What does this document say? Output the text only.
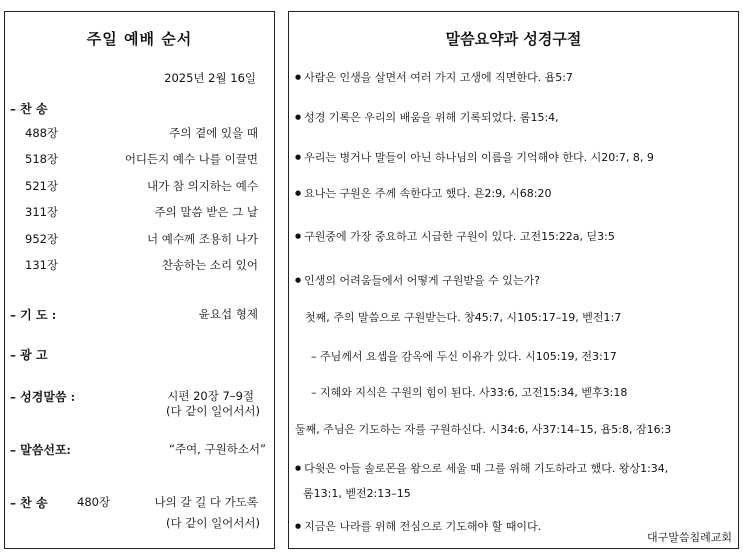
주일 예배 순서
2025년 2월 16일
– 찬 송
488장	주의 곁에 있을 때
518장	어디든지 예수 나를 이끌면
521장	내가 참 의지하는 예수
311장	주의 말씀 받은 그 날
952장	너 예수께 조용히 나가
131장	찬송하는 소리 있어
– 기 도 :	윤요섭 형제
– 광 고
– 성경말씀 :	시편 20장 7–9절
(다 같이 일어서서)
– 말씀선포:	“주여, 구원하소서”
– 찬 송	480장	나의 갈 길 다 가도록
(다 같이 일어서서)
말씀요약과 성경구절
● 사람은 인생을 살면서 여러 가지 고생에 직면한다. 욥5:7
● 성경 기록은 우리의 배움을 위해 기록되었다. 롬15:4,
● 우리는 병거나 말들이 아닌 하나님의 이름을 기억해야 한다. 시20:7, 8, 9
● 요나는 구원은 주께 속한다고 했다. 욘2:9, 시68:20
● 구원중에 가장 중요하고 시급한 구원이 있다. 고전15:22a, 딛3:5
● 인생의 어려움들에서 어떻게 구원받을 수 있는가?
첫째, 주의 말씀으로 구원받는다. 창45:7, 시105:17–19, 벧전1:7
– 주님께서 요셉을 감옥에 두신 이유가 있다. 시105:19, 전3:17
– 지혜와 지식은 구원의 힘이 된다. 사33:6, 고전15:34, 벧후3:18
둘째, 주님은 기도하는 자를 구원하신다. 시34:6, 사37:14–15, 욥5:8, 잠16:3
● 다윗은 아들 솔로몬을 왕으로 세울 때 그를 위해 기도하라고 했다. 왕상1:34,
롬13:1, 벧전2:13–15
● 지금은 나라를 위해 전심으로 기도해야 할 때이다.
대구말씀침례교회
